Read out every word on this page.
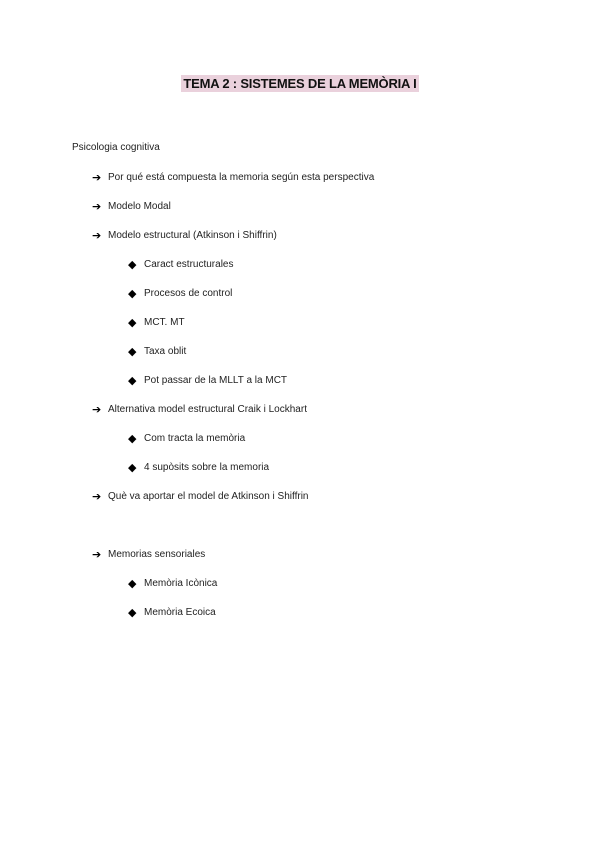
TEMA 2 : SISTEMES DE LA MEMÒRIA I
Psicologia cognitiva
➔ Por qué está compuesta la memoria según esta perspectiva
➔ Modelo Modal
➔ Modelo estructural (Atkinson i Shiffrin)
◆ Caract estructurales
◆ Procesos de control
◆ MCT. MT
◆ Taxa oblit
◆ Pot passar de la MLLT a la MCT
➔ Alternativa model estructural Craik i Lockhart
◆ Com tracta la memòria
◆ 4 supòsits sobre la memoria
➔ Què va aportar el model de Atkinson i Shiffrin
➔ Memorias sensoriales
◆ Memòria Icònica
◆ Memòria Ecoica
